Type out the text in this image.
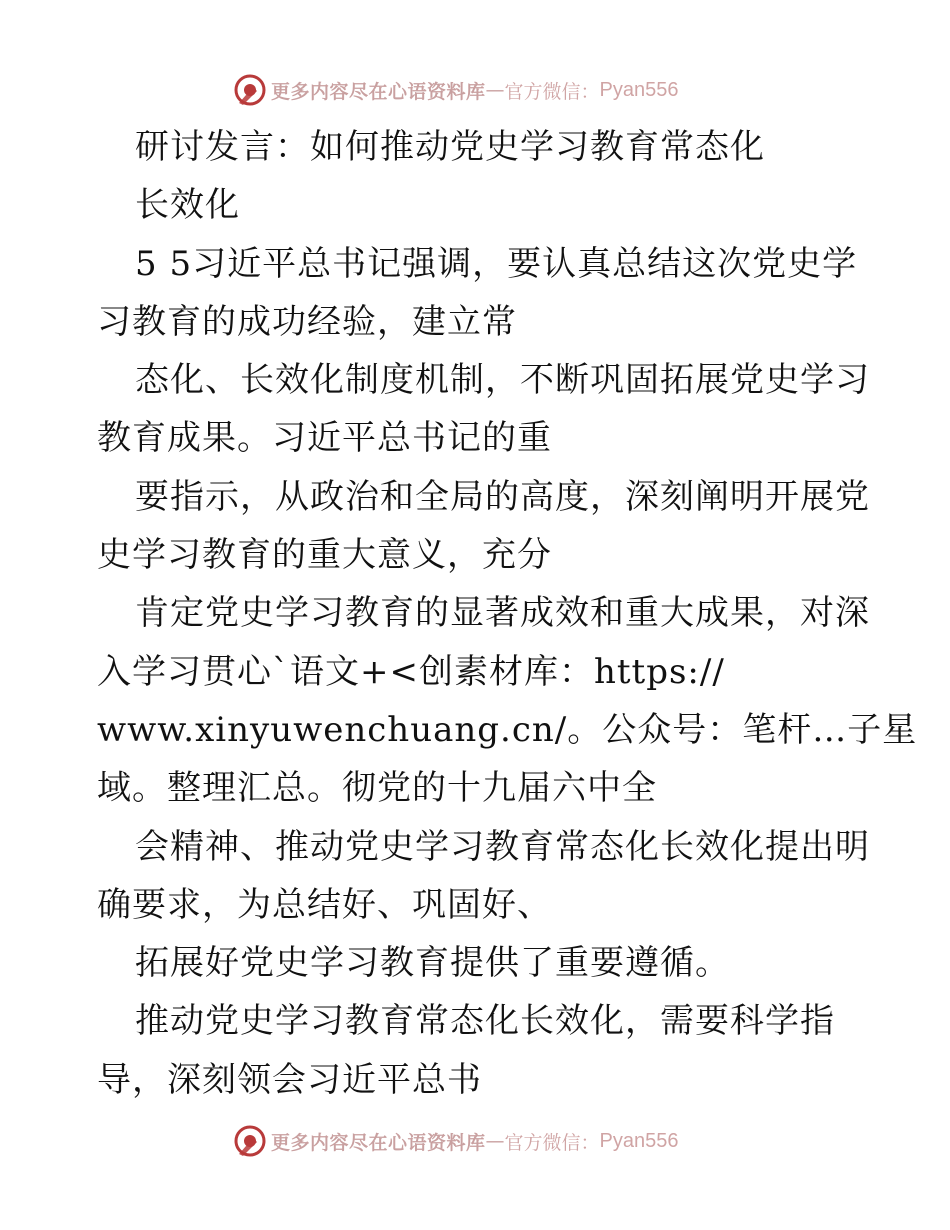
更多内容尽在心语资料库 — 官方微信： Pyan556
研讨发言：如何推动党史学习教育常态化
长效化
5 5习近平总书记强调，要认真总结这次党史学
习教育的成功经验，建立常
态化、长效化制度机制，不断巩固拓展党史学习
教育成果。习近平总书记的重
要指示，从政治和全局的高度，深刻阐明开展党
史学习教育的重大意义，充分
肯定党史学习教育的显著成效和重大成果，对深
入学习贯心`语文+<创素材库：https://
www.xinyuwenchuang.cn/。公众号：笔杆…子星
域。整理汇总。彻党的十九届六中全
会精神、推动党史学习教育常态化长效化提出明
确要求，为总结好、巩固好、
拓展好党史学习教育提供了重要遵循。
推动党史学习教育常态化长效化，需要科学指
导，深刻领会习近平总书
更多内容尽在心语资料库 — 官方微信： Pyan556
